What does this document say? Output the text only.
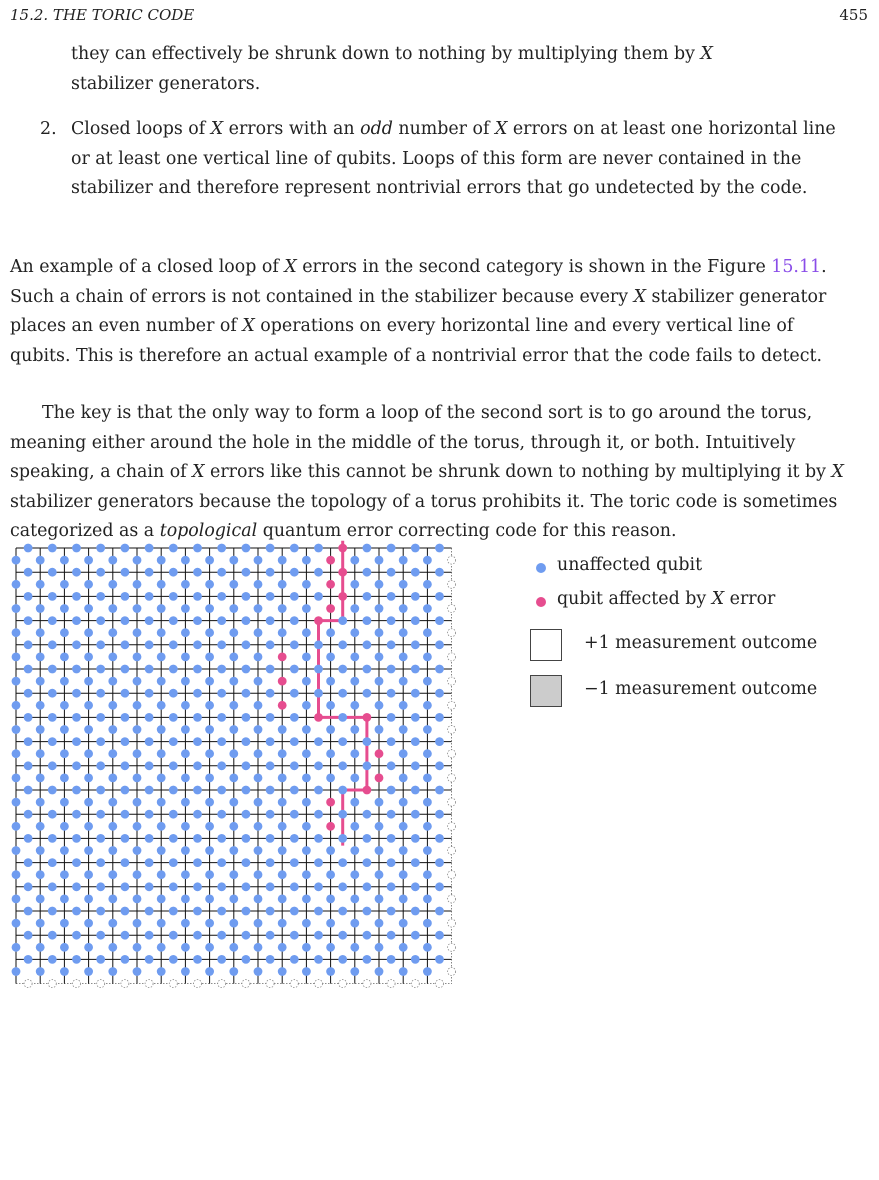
15.2. THE TORIC CODE	455

they can effectively be shrunk down to nothing by multiplying them by X
stabilizer generators.

2. Closed loops of X errors with an odd number of X errors on at least one horizontal line or at least one vertical line of qubits. Loops of this form are never contained in the stabilizer and therefore represent nontrivial errors that go undetected by the code.

An example of a closed loop of X errors in the second category is shown in the Figure 15.11. Such a chain of errors is not contained in the stabilizer because every X stabilizer generator places an even number of X operations on every horizontal line and every vertical line of qubits. This is therefore an actual example of a nontrivial error that the code fails to detect.

The key is that the only way to form a loop of the second sort is to go around the torus, meaning either around the hole in the middle of the torus, through it, or both. Intuitively speaking, a chain of X errors like this cannot be shrunk down to nothing by multiplying it by X stabilizer generators because the topology of a torus prohibits it. The toric code is sometimes categorized as a topological quantum error correcting code for this reason.

unaffected qubit
qubit affected by X error
+1 measurement outcome
−1 measurement outcome
